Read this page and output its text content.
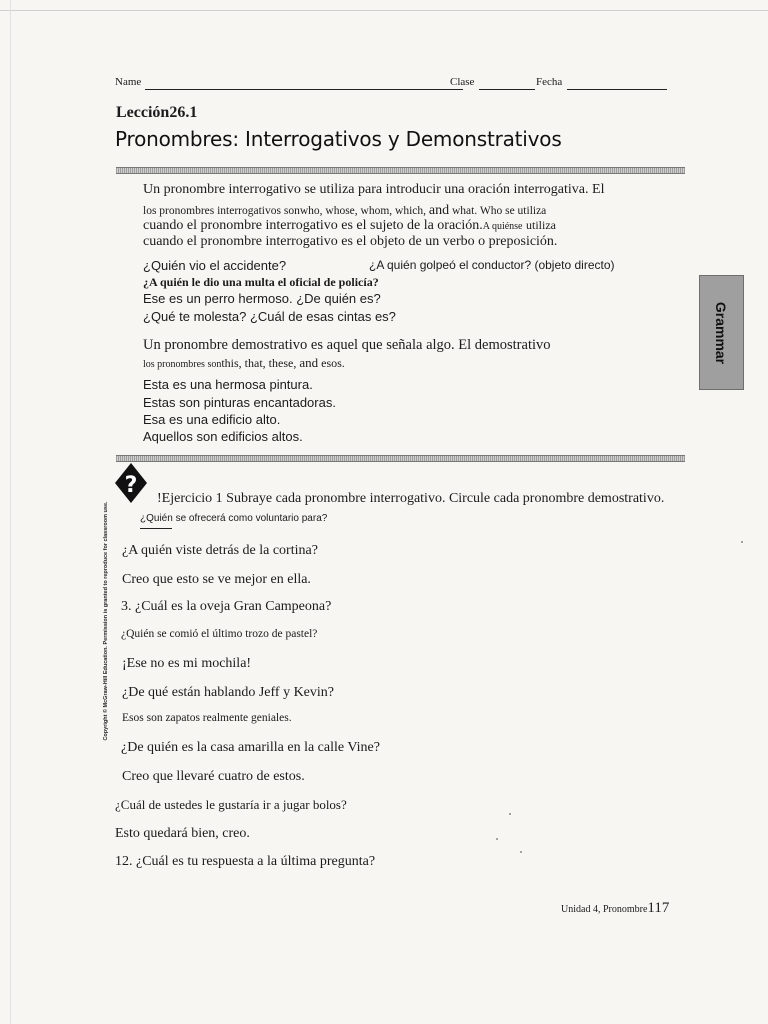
Name	Clase	Fecha
Lección26.1
Pronombres: Interrogativos y Demonstrativos
Un pronombre interrogativo se utiliza para introducir una oración interrogativa. El
los pronombres interrogativos sonwho, whose, whom, which, and what. Who se utiliza
cuando el pronombre interrogativo es el sujeto de la oración.A quiénse utiliza
cuando el pronombre interrogativo es el objeto de un verbo o preposición.
¿Quién vio el accidente?	¿A quién golpeó el conductor? (objeto directo)
¿A quién le dio una multa el oficial de policía?
Ese es un perro hermoso. ¿De quién es?
¿Qué te molesta? ¿Cuál de esas cintas es?
Un pronombre demostrativo es aquel que señala algo. El demostrativo
los pronombres sonthis, that, these, and esos.
Esta es una hermosa pintura.
Estas son pinturas encantadoras.
Esa es una edificio alto.
Aquellos son edificios altos.
Grammar
?
!Ejercicio 1 Subraye cada pronombre interrogativo. Circule cada pronombre demostrativo.
¿Quién se ofrecerá como voluntario para?
Copyright © McGraw-Hill Education. Permission is granted to reproduce for classroom use. ¿A quién viste detrás de la cortina?
Creo que esto se ve mejor en ella.
3. ¿Cuál es la oveja Gran Campeona?
¿Quién se comió el último trozo de pastel?
¡Ese no es mi mochila!
¿De qué están hablando Jeff y Kevin?
Esos son zapatos realmente geniales.
¿De quién es la casa amarilla en la calle Vine?
Creo que llevaré cuatro de estos.
¿Cuál de ustedes le gustaría ir a jugar bolos?
Esto quedará bien, creo.
12. ¿Cuál es tu respuesta a la última pregunta?
Unidad 4, Pronombre117
